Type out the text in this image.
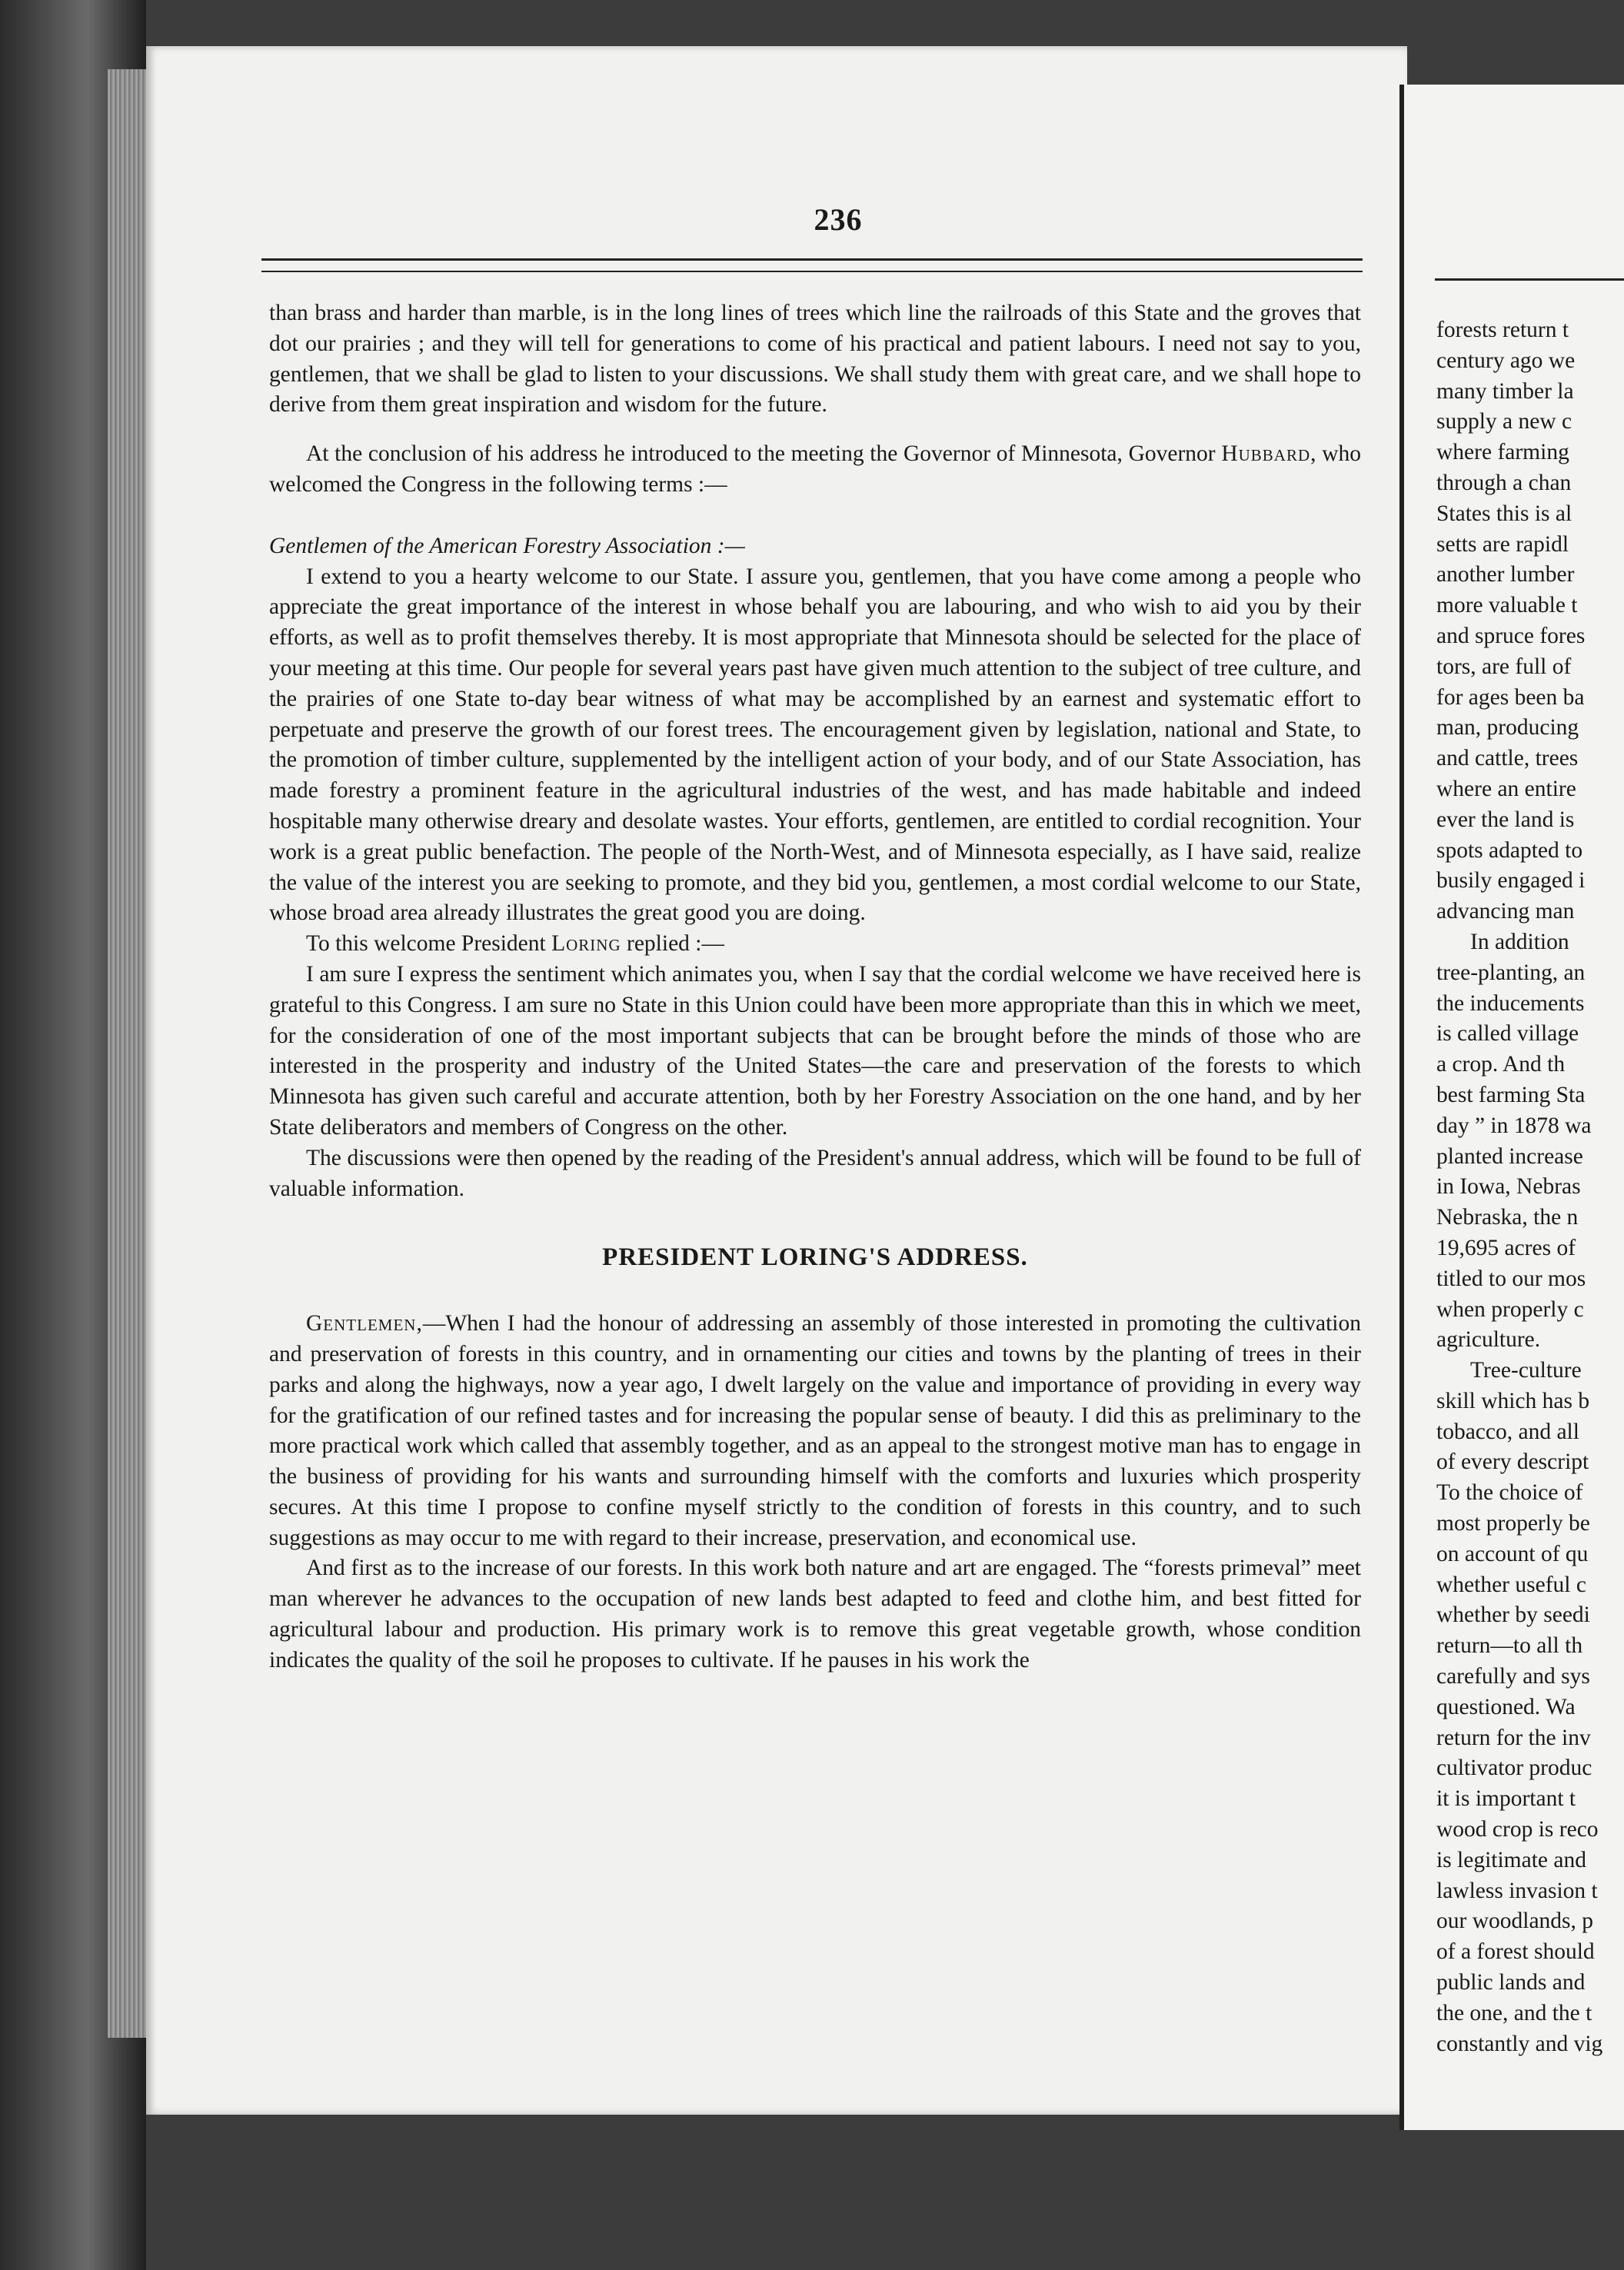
236

than brass and harder than marble, is in the long lines of trees which line the railroads of this State and the groves that dot our prairies ; and they will tell for generations to come of his practical and patient labours. I need not say to you, gentlemen, that we shall be glad to listen to your discussions. We shall study them with great care, and we shall hope to derive from them great inspiration and wisdom for the future.

At the conclusion of his address he introduced to the meeting the Governor of Minnesota, Governor Hubbard, who welcomed the Congress in the following terms :—

Gentlemen of the American Forestry Association :—

I extend to you a hearty welcome to our State. I assure you, gentlemen, that you have come among a people who appreciate the great importance of the interest in whose behalf you are labouring, and who wish to aid you by their efforts, as well as to profit themselves thereby. It is most appropriate that Minnesota should be selected for the place of your meeting at this time. Our people for several years past have given much attention to the subject of tree culture, and the prairies of one State to-day bear witness of what may be accomplished by an earnest and systematic effort to perpetuate and preserve the growth of our forest trees. The encouragement given by legislation, national and State, to the promotion of timber culture, supplemented by the intelligent action of your body, and of our State Association, has made forestry a prominent feature in the agricultural industries of the west, and has made habitable and indeed hospitable many otherwise dreary and desolate wastes. Your efforts, gentlemen, are entitled to cordial recognition. Your work is a great public benefaction. The people of the North-West, and of Minnesota especially, as I have said, realize the value of the interest you are seeking to promote, and they bid you, gentlemen, a most cordial welcome to our State, whose broad area already illustrates the great good you are doing.

To this welcome President Loring replied :—

I am sure I express the sentiment which animates you, when I say that the cordial welcome we have received here is grateful to this Congress. I am sure no State in this Union could have been more appropriate than this in which we meet, for the consideration of one of the most important subjects that can be brought before the minds of those who are interested in the prosperity and industry of the United States—the care and preservation of the forests to which Minnesota has given such careful and accurate attention, both by her Forestry Association on the one hand, and by her State deliberators and members of Congress on the other.

The discussions were then opened by the reading of the President's annual address, which will be found to be full of valuable information.

PRESIDENT LORING'S ADDRESS.

Gentlemen,—When I had the honour of addressing an assembly of those interested in promoting the cultivation and preservation of forests in this country, and in ornamenting our cities and towns by the planting of trees in their parks and along the highways, now a year ago, I dwelt largely on the value and importance of providing in every way for the gratification of our refined tastes and for increasing the popular sense of beauty. I did this as preliminary to the more practical work which called that assembly together, and as an appeal to the strongest motive man has to engage in the business of providing for his wants and surrounding himself with the comforts and luxuries which prosperity secures. At this time I propose to confine myself strictly to the condition of forests in this country, and to such suggestions as may occur to me with regard to their increase, preservation, and economical use.

And first as to the increase of our forests. In this work both nature and art are engaged. The “forests primeval” meet man wherever he advances to the occupation of new lands best adapted to feed and clothe him, and best fitted for agricultural labour and production. His primary work is to remove this great vegetable growth, whose condition indicates the quality of the soil he proposes to cultivate. If he pauses in his work the

forests return t
century ago we
many timber la
supply a new c
where farming
through a chan
States this is al
setts are rapidl
another lumber
more valuable t
and spruce fores
tors, are full of
for ages been ba
man, producing
and cattle, trees
where an entire
ever the land is
spots adapted to
busily engaged i
advancing man
In addition
tree-planting, an
the inducements
is called village
a crop. And th
best farming Sta
day ” in 1878 wa
planted increase
in Iowa, Nebras
Nebraska, the n
19,695 acres of
titled to our mos
when properly c
agriculture.
Tree-culture
skill which has b
tobacco, and all
of every descript
To the choice of
most properly be
on account of qu
whether useful c
whether by seedi
return—to all th
carefully and sys
questioned. Wa
return for the inv
cultivator produc
it is important t
wood crop is reco
is legitimate and
lawless invasion t
our woodlands, p
of a forest should
public lands and
the one, and the t
constantly and vig
